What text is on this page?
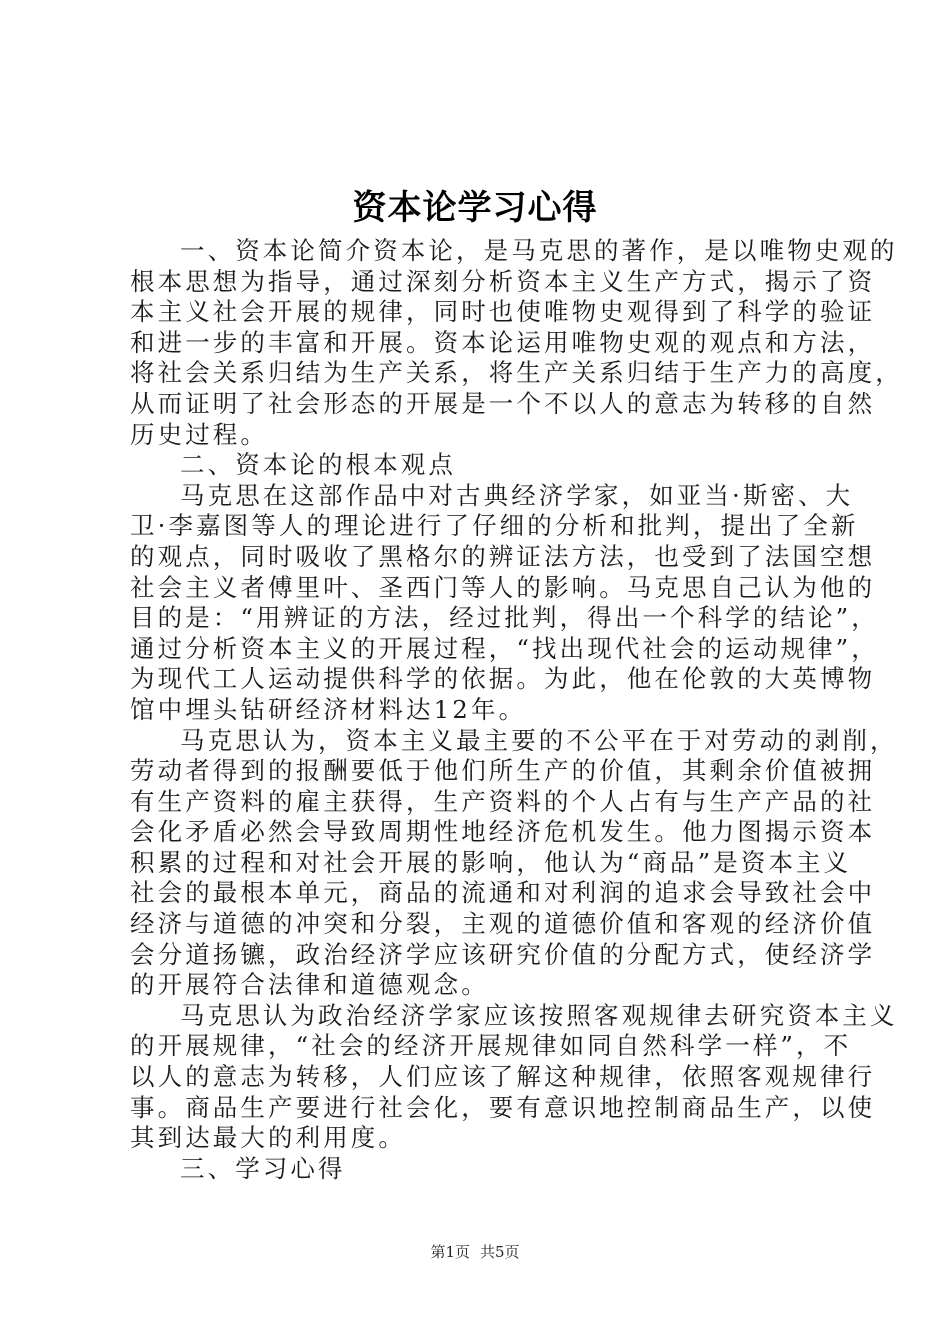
资本论学习心得
一、资本论简介资本论，是马克思的著作，是以唯物史观的
根本思想为指导，通过深刻分析资本主义生产方式，揭示了资
本主义社会开展的规律，同时也使唯物史观得到了科学的验证
和进一步的丰富和开展。资本论运用唯物史观的观点和方法，
将社会关系归结为生产关系，将生产关系归结于生产力的高度，
从而证明了社会形态的开展是一个不以人的意志为转移的自然
历史过程。
二、资本论的根本观点
马克思在这部作品中对古典经济学家，如亚当·斯密、大
卫·李嘉图等人的理论进行了仔细的分析和批判，提出了全新
的观点，同时吸收了黑格尔的辨证法方法，也受到了法国空想
社会主义者傅里叶、圣西门等人的影响。马克思自己认为他的
目的是：“用辨证的方法，经过批判，得出一个科学的结论”，
通过分析资本主义的开展过程，“找出现代社会的运动规律”，
为现代工人运动提供科学的依据。为此，他在伦敦的大英博物
馆中埋头钻研经济材料达12年。
马克思认为，资本主义最主要的不公平在于对劳动的剥削，
劳动者得到的报酬要低于他们所生产的价值，其剩余价值被拥
有生产资料的雇主获得，生产资料的个人占有与生产产品的社
会化矛盾必然会导致周期性地经济危机发生。他力图揭示资本
积累的过程和对社会开展的影响，他认为“商品”是资本主义
社会的最根本单元，商品的流通和对利润的追求会导致社会中
经济与道德的冲突和分裂，主观的道德价值和客观的经济价值
会分道扬镳，政治经济学应该研究价值的分配方式，使经济学
的开展符合法律和道德观念。
马克思认为政治经济学家应该按照客观规律去研究资本主义
的开展规律，“社会的经济开展规律如同自然科学一样”，不
以人的意志为转移，人们应该了解这种规律，依照客观规律行
事。商品生产要进行社会化，要有意识地控制商品生产，以使
其到达最大的利用度。
三、学习心得
第1页 共5页
